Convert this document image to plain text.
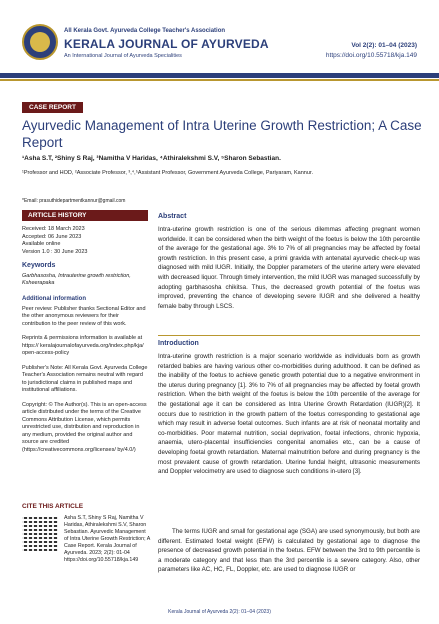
All Kerala Govt. Ayurveda College Teacher's Association
KERALA JOURNAL OF AYURVEDA
An International Journal of Ayurveda Specialities
Vol 2(2): 01–04 (2023)
https://doi.org/10.55718/kja.149
CASE REPORT
Ayurvedic Management of Intra Uterine Growth Restriction; A Case Report
¹Asha S.T, ²Shiny S Raj, ³Namitha V Haridas, ⁴Athiralekshmi S.V, ⁵Sharon Sebastian.
¹Professor and HOD, ²Associate Professor, ³,⁴,⁵Assistant Professor, Government Ayurveda College, Pariyaram, Kannur.
*Email: prasuthidepartmentkannur@gmail.com
ARTICLE HISTORY
Received: 18 March 2023
Accepted: 06 June 2023
Available online
Version 1.0 : 30 June 2023
Keywords
Garbhasosha, Intrauterine growth restriction, Ksheerapaka
Additional information
Peer review: Publisher thanks Sectional Editor and the other anonymous reviewers for their contribution to the peer review of this work.
Reprints & permissions information is available at https:// keralajournalofayurveda.org/index.php/kja/ open-access-policy
Publisher's Note: All Kerala Govt. Ayurveda College Teacher's Association remains neutral with regard to jurisdictional claims in published maps and institutional affiliations.
Copyright: © The Author(s). This is an open-access article distributed under the terms of the Creative Commons Attribution License, which permits unrestricted use, distribution and reproduction in any medium, provided the original author and source are credited (https://creativecommons.org/licenses/ by/4.0/)
CITE THIS ARTICLE
Asha S.T, Shiny S Raj, Namitha V Haridas, Athiralekshmi S.V, Sharon Sebastian. Ayurvedic Management of Intra Uterine Growth Restriction; A Case Report. Kerala Journal of Ayurveda. 2023; 2(2): 01-04 https://doi.org/10.55718/kja.149
Abstract
Intra-uterine growth restriction is one of the serious dilemmas affecting pregnant women worldwide. It can be considered when the birth weight of the foetus is below the 10th percentile of the average for the gestational age. 3% to 7% of all pregnancies may be affected by foetal growth restriction. In this present case, a primi gravida with antenatal ayurvedic check-up was diagnosed with mild IUGR. Initially, the Doppler parameters of the uterine artery were elevated with decreased liquor. Through timely intervention, the mild IUGR was managed successfully by adopting garbhasosha chikitsa. Thus, the decreased growth potential of the foetus was improved, preventing the chance of developing severe IUGR and she delivered a healthy female baby through LSCS.
Introduction
Intra-uterine growth restriction is a major scenario worldwide as individuals born as growth retarded babies are having various other co-morbidities during adulthood. It can be defined as the inability of the foetus to achieve genetic growth potential due to a negative environment in the uterus during pregnancy [1]. 3% to 7% of all pregnancies may be affected by foetal growth restriction. When the birth weight of the foetus is below the 10th percentile of the average for the gestational age it can be considered as Intra Uterine Growth Retardation (IUGR)[2]. It occurs due to restriction in the growth pattern of the foetus corresponding to gestational age which may result in adverse foetal outcomes. Such infants are at risk of neonatal mortality and co-morbidities. Poor maternal nutrition, social deprivation, foetal infections, chronic hypoxia, anaemia, utero-placental insufficiencies congenital anomalies etc., can be a cause of developing foetal growth retardation. Maternal malnutrition before and during pregnancy is the most prevalent cause of growth retardation. Uterine fundal height, ultrasonic measurements and Doppler velocimetry are used to diagnose such conditions in-utero [3].
The terms IUGR and small for gestational age (SGA) are used synonymously, but both are different. Estimated foetal weight (EFW) is calculated by gestational age to diagnose the presence of decreased growth potential in the foetus. EFW between the 3rd to 9th percentile is a moderate category and that less than the 3rd percentile is a severe category. Also, other parameters like AC, HC, FL, Doppler, etc. are used to diagnose IUGR or
Kerala Journal of Ayurveda 2(2): 01–04 (2023)
